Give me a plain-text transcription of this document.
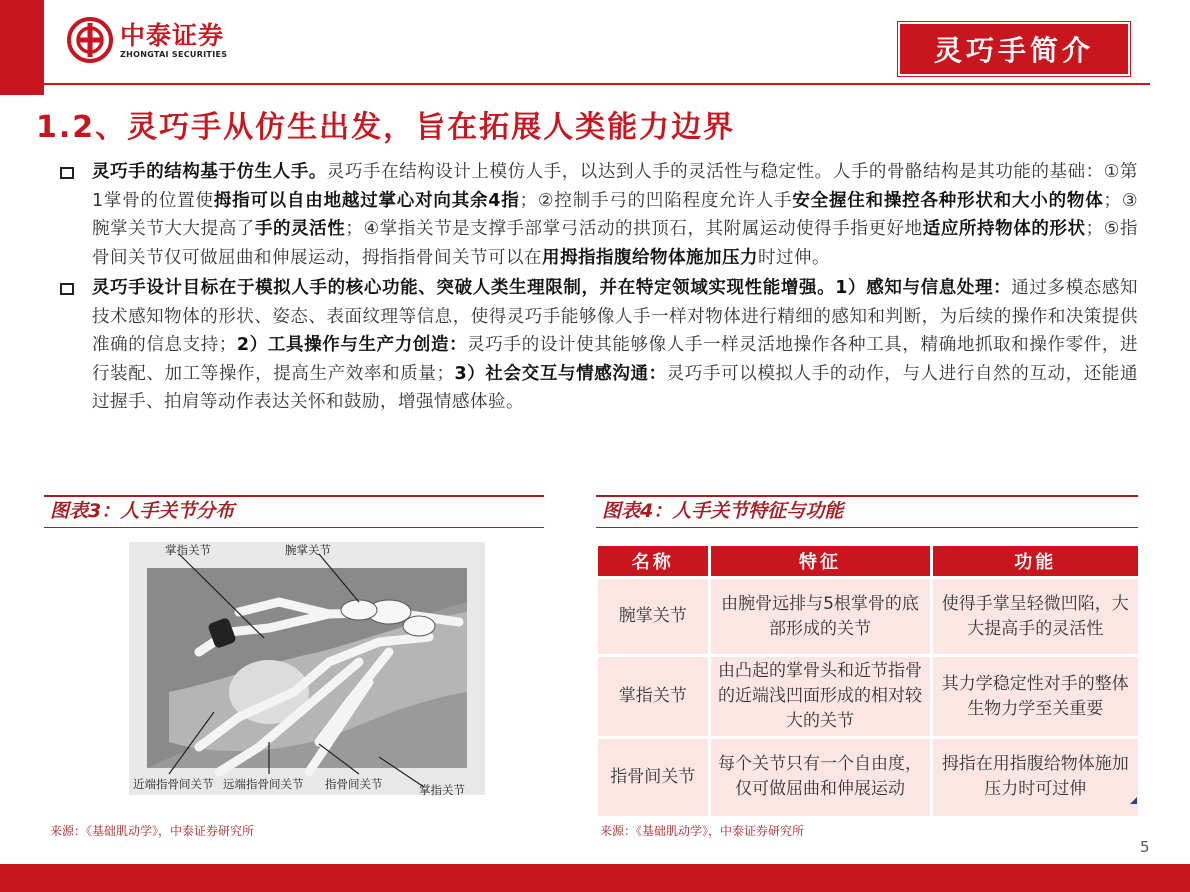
中泰证券
ZHONGTAI SECURITIES	灵巧手简介
1.2、灵巧手从仿生出发，旨在拓展人类能力边界
灵巧手的结构基于仿生人手。灵巧手在结构设计上模仿人手，以达到人手的灵活性与稳定性。人手的骨骼结构是其功能的基础：①第1掌骨的位置使拇指可以自由地越过掌心对向其余4指；②控制手弓的凹陷程度允许人手安全握住和操控各种形状和大小的物体；③腕掌关节大大提高了手的灵活性；④掌指关节是支撑手部掌弓活动的拱顶石，其附属运动使得手指更好地适应所持物体的形状；⑤指骨间关节仅可做屈曲和伸展运动，拇指指骨间关节可以在用拇指指腹给物体施加压力时过伸。
灵巧手设计目标在于模拟人手的核心功能、突破人类生理限制，并在特定领域实现性能增强。1）感知与信息处理：通过多模态感知技术感知物体的形状、姿态、表面纹理等信息，使得灵巧手能够像人手一样对物体进行精细的感知和判断，为后续的操作和决策提供准确的信息支持；2）工具操作与生产力创造：灵巧手的设计使其能够像人手一样灵活地操作各种工具，精确地抓取和操作零件，进行装配、加工等操作，提高生产效率和质量；3）社会交互与情感沟通：灵巧手可以模拟人手的动作，与人进行自然的互动，还能通过握手、拍肩等动作表达关怀和鼓励，增强情感体验。
图表3：人手关节分布
掌指关节	腕掌关节
近端指骨间关节 远端指骨间关节 指骨间关节	掌指关节
图表4：人手关节特征与功能
名称	特征	功能
腕掌关节	由腕骨远排与5根掌骨的底部形成的关节	使得手掌呈轻微凹陷，大大提高手的灵活性
掌指关节	由凸起的掌骨头和近节指骨的近端浅凹面形成的相对较大的关节	其力学稳定性对手的整体生物力学至关重要
指骨间关节	每个关节只有一个自由度，仅可做屈曲和伸展运动	拇指在用指腹给物体施加压力时可过伸
来源：《基础肌动学》，中泰证券研究所	来源：《基础肌动学》，中泰证券研究所
5
